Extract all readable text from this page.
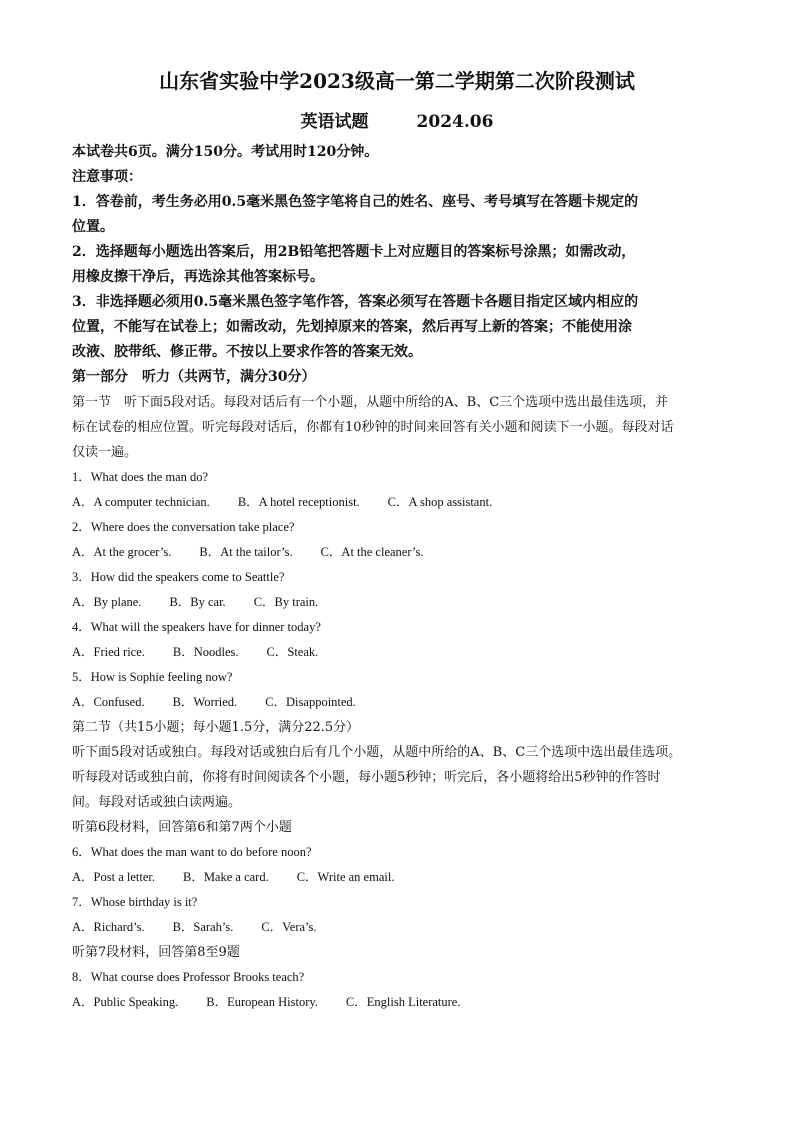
山东省实验中学2023级高一第二学期第二次阶段测试

英语试题	2024.06

本试卷共6页。满分150分。考试用时120分钟。

注意事项：

1．答卷前，考生务必用0.5毫米黑色签字笔将自己的姓名、座号、考号填写在答题卡规定的

位置。

2．选择题每小题选出答案后，用2B铅笔把答题卡上对应题目的答案标号涂黑；如需改动，

用橡皮擦干净后，再选涂其他答案标号。

3．非选择题必须用0.5毫米黑色签字笔作答，答案必须写在答题卡各题目指定区域内相应的

位置，不能写在试卷上；如需改动，先划掉原来的答案，然后再写上新的答案；不能使用涂

改液、胶带纸、修正带。不按以上要求作答的答案无效。

第一部分　听力（共两节，满分30分）

第一节　听下面5段对话。每段对话后有一个小题，从题中所给的A、B、C三个选项中选出最佳选项，并

标在试卷的相应位置。听完每段对话后，你都有10秒钟的时间来回答有关小题和阅读下一小题。每段对话

仅读一遍。

1．What does the man do?

A．A computer technician. B．A hotel receptionist. C．A shop assistant.

2．Where does the conversation take place?

A．At the grocer’s. B．At the tailor’s. C．At the cleaner’s.

3．How did the speakers come to Seattle?

A．By plane. B．By car. C．By train.

4．What will the speakers have for dinner today?

A．Fried rice. B．Noodles. C．Steak.

5．How is Sophie feeling now?

A．Confused. B．Worried. C．Disappointed.

第二节（共15小题；每小题1.5分，满分22.5分）

听下面5段对话或独白。每段对话或独白后有几个小题，从题中所给的A、B、C三个选项中选出最佳选项。

听每段对话或独白前，你将有时间阅读各个小题，每小题5秒钟；听完后，各小题将给出5秒钟的作答时

间。每段对话或独白读两遍。

听第6段材料，回答第6和第7两个小题

6．What does the man want to do before noon?

A．Post a letter. B．Make a card. C．Write an email.

7．Whose birthday is it?

A．Richard’s. B．Sarah’s. C．Vera’s.

听第7段材料，回答第8至9题

8．What course does Professor Brooks teach?

A．Public Speaking. B．European History. C．English Literature.
